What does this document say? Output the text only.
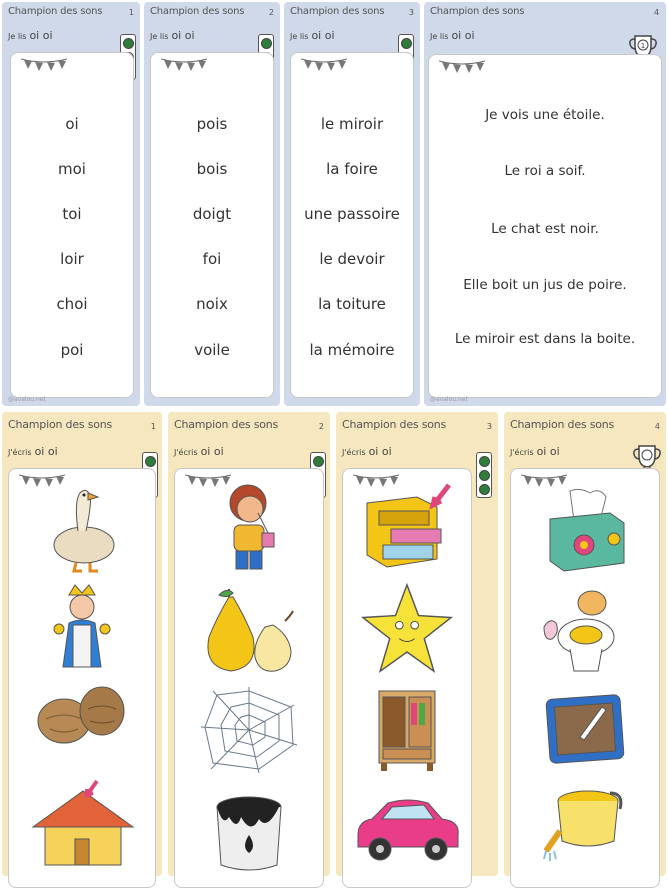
Champion des sons	1
Je lis oi oi
oi
moi
toi
loir
choi
poi
@avalou.net
Champion des sons	2
Je lis oi oi
pois
bois
doigt
foi
noix
voile
Champion des sons	3
Je lis oi oi
le miroir
la foire
une passoire
le devoir
la toiture
la mémoire
Champion des sons	4
Je lis oi oi
1
Je vois une étoile.
Le roi a soif.
Le chat est noir.
Elle boit un jus de poire.
Le miroir est dans la boite.
@avalou.net
Champion des sons	1
J'écris oi oi
Champion des sons	2
J'écris oi oi
Champion des sons	3
J'écris oi oi
Champion des sons	4
J'écris oi oi
